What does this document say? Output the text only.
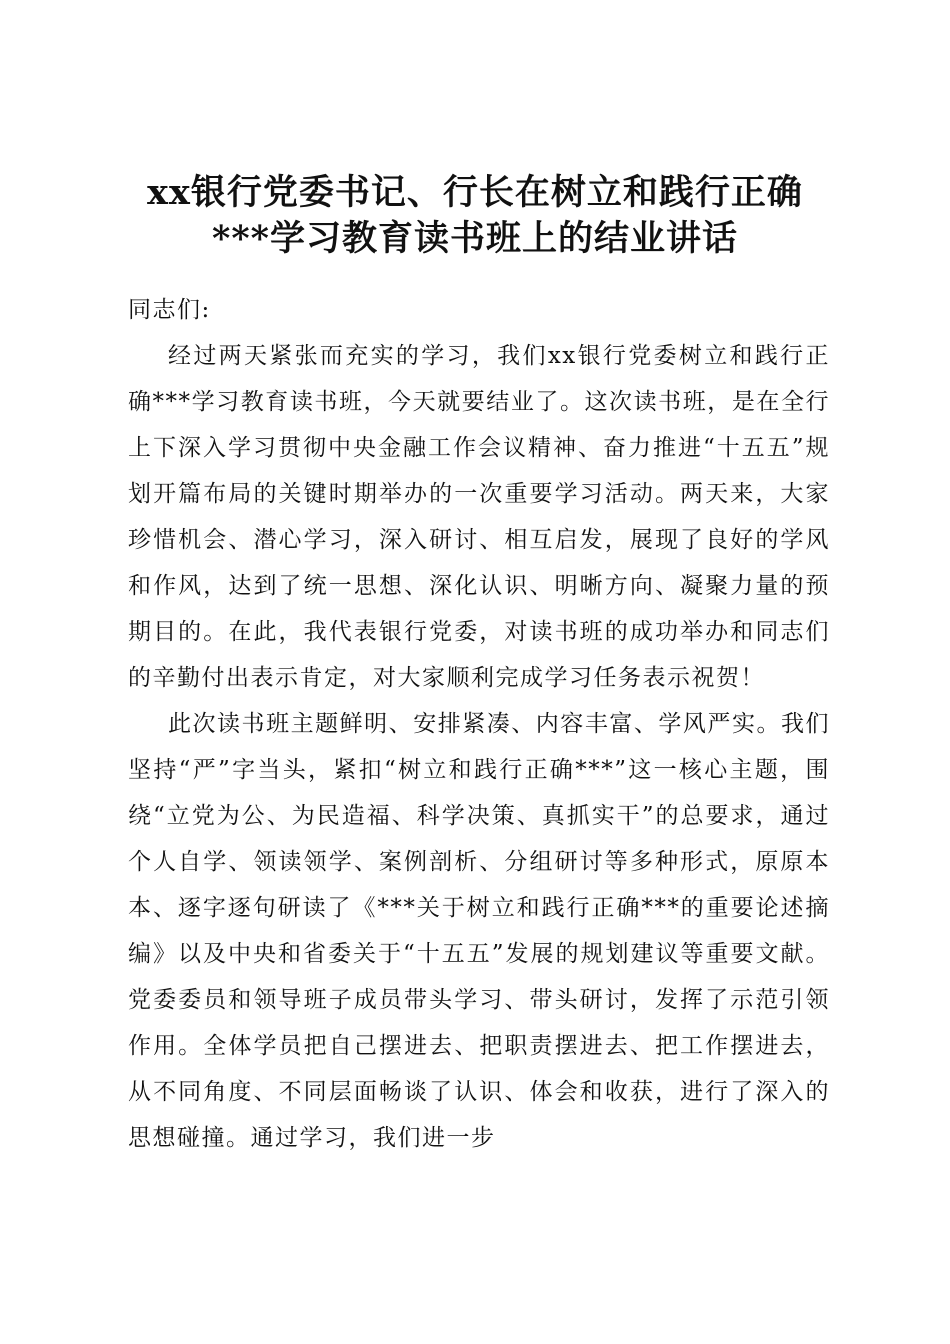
xx银行党委书记、行长在树立和践行正确
***学习教育读书班上的结业讲话

同志们:

经过两天紧张而充实的学习，我们xx银行党委树立和践行正确***学习教育读书班，今天就要结业了。这次读书班，是在全行上下深入学习贯彻中央金融工作会议精神、奋力推进“十五五”规划开篇布局的关键时期举办的一次重要学习活动。两天来，大家珍惜机会、潜心学习，深入研讨、相互启发，展现了良好的学风和作风，达到了统一思想、深化认识、明晰方向、凝聚力量的预期目的。在此，我代表银行党委，对读书班的成功举办和同志们的辛勤付出表示肯定，对大家顺利完成学习任务表示祝贺！

此次读书班主题鲜明、安排紧凑、内容丰富、学风严实。我们坚持“严”字当头，紧扣“树立和践行正确***”这一核心主题，围绕“立党为公、为民造福、科学决策、真抓实干”的总要求，通过个人自学、领读领学、案例剖析、分组研讨等多种形式，原原本本、逐字逐句研读了《***关于树立和践行正确***的重要论述摘编》以及中央和省委关于“十五五”发展的规划建议等重要文献。党委委员和领导班子成员带头学习、带头研讨，发挥了示范引领作用。全体学员把自己摆进去、把职责摆进去、把工作摆进去，从不同角度、不同层面畅谈了认识、体会和收获，进行了深入的思想碰撞。通过学习，我们进一步
